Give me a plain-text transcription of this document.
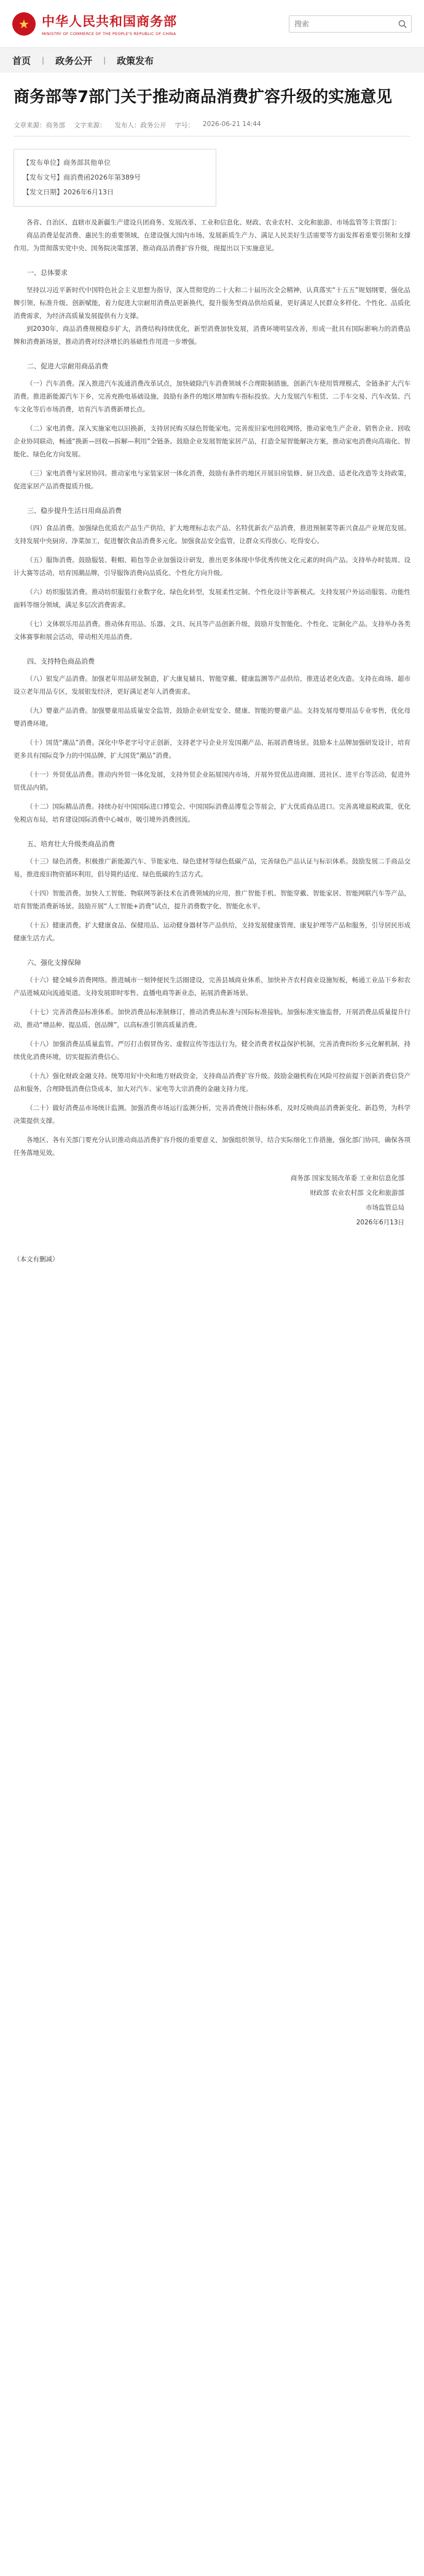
★ 中华人民共和国商务部
MINISTRY OF COMMERCE OF THE PEOPLE'S REPUBLIC OF CHINA
搜索
首页 | 政务公开 | 政策发布
商务部等7部门关于推动商品消费扩容升级的实施意见
文章来源：商务部 文字来源： 发布人：政务公开 字号： 2026-06-21 14:44
【发布单位】商务部其他单位
【发布文号】商消费函2026年第389号
【发文日期】2026年6月13日

各省、自治区、直辖市及新疆生产建设兵团商务、发展改革、工业和信息化、财政、农业农村、文化和旅游、市场监管等主管部门：

商品消费是促消费、惠民生的重要领域，在建设强大国内市场、发展新质生产力、满足人民美好生活需要等方面发挥着重要引领和支撑作用。为贯彻落实党中央、国务院决策部署，推动商品消费扩容升级，现提出以下实施意见。

一、总体要求

坚持以习近平新时代中国特色社会主义思想为指导，深入贯彻党的二十大和二十届历次全会精神，认真落实“十五五”规划纲要，强化品牌引领、标准升级、创新赋能，着力促进大宗耐用消费品更新换代，提升服务型商品供给质量，更好满足人民群众多样化、个性化、品质化消费需求，为经济高质量发展提供有力支撑。

到2030年，商品消费规模稳步扩大，消费结构持续优化，新型消费加快发展，消费环境明显改善，形成一批具有国际影响力的消费品牌和消费新场景，推动消费对经济增长的基础性作用进一步增强。

二、促进大宗耐用商品消费

（一）汽车消费。深入推进汽车流通消费改革试点，加快破除汽车消费领域不合理限制措施，创新汽车使用管理模式，全链条扩大汽车消费。推进新能源汽车下乡，完善充换电基础设施，鼓励有条件的地区增加购车指标投放。大力发展汽车租赁、二手车交易、汽车改装、汽车文化等后市场消费，培育汽车消费新增长点。

（二）家电消费。深入实施家电以旧换新，支持居民购买绿色智能家电。完善废旧家电回收网络，推动家电生产企业、销售企业、回收企业协同联动，畅通“换新—回收—拆解—利用”全链条。鼓励企业发展智能家居产品，打造全屋智能解决方案，推动家电消费向高端化、智能化、绿色化方向发展。

（三）家电消费与家居协同。推动家电与家装家居一体化消费，鼓励有条件的地区开展旧房装修、厨卫改造、适老化改造等支持政策，促进家居产品消费提质升级。

三、稳步提升生活日用商品消费

（四）食品消费。加强绿色优质农产品生产供给，扩大地理标志农产品、名特优新农产品消费，推进预制菜等新兴食品产业规范发展。支持发展中央厨房、净菜加工，促进餐饮食品消费多元化。加强食品安全监管，让群众买得放心、吃得安心。

（五）服饰消费。鼓励服装、鞋帽、箱包等企业加强设计研发，推出更多体现中华优秀传统文化元素的时尚产品。支持举办时装周、设计大赛等活动，培育国潮品牌，引导服饰消费向品质化、个性化方向升级。

（六）纺织服装消费。推动纺织服装行业数字化、绿色化转型，发展柔性定制、个性化设计等新模式。支持发展户外运动服装、功能性面料等细分领域，满足多层次消费需求。

（七）文体娱乐用品消费。推动体育用品、乐器、文具、玩具等产品创新升级，鼓励开发智能化、个性化、定制化产品。支持举办各类文体赛事和展会活动，带动相关用品消费。

四、支持特色商品消费

（八）银发产品消费。加强老年用品研发制造，扩大康复辅具、智能穿戴、健康监测等产品供给，推进适老化改造。支持在商场、超市设立老年用品专区，发展银发经济，更好满足老年人消费需求。

（九）婴童产品消费。加强婴童用品质量安全监管，鼓励企业研发安全、健康、智能的婴童产品。支持发展母婴用品专业零售，优化母婴消费环境。

（十）国货“潮品”消费。深化中华老字号守正创新，支持老字号企业开发国潮产品、拓展消费场景。鼓励本土品牌加强研发设计，培育更多具有国际竞争力的中国品牌，扩大国货“潮品”消费。

（十一）外贸优品消费。推动内外贸一体化发展，支持外贸企业拓展国内市场，开展外贸优品进商圈、进社区、进平台等活动，促进外贸优品内销。

（十二）国际精品消费。持续办好中国国际进口博览会、中国国际消费品博览会等展会，扩大优质商品进口。完善离境退税政策，优化免税店布局，培育建设国际消费中心城市，吸引境外消费回流。

五、培育壮大升级类商品消费

（十三）绿色消费。积极推广新能源汽车、节能家电、绿色建材等绿色低碳产品，完善绿色产品认证与标识体系。鼓励发展二手商品交易，推进废旧物资循环利用，倡导简约适度、绿色低碳的生活方式。

（十四）智能消费。加快人工智能、物联网等新技术在消费领域的应用，推广智能手机、智能穿戴、智能家居、智能网联汽车等产品，培育智能消费新场景。鼓励开展“人工智能+消费”试点，提升消费数字化、智能化水平。

（十五）健康消费。扩大健康食品、保健用品、运动健身器材等产品供给，支持发展健康管理、康复护理等产品和服务，引导居民形成健康生活方式。

六、强化支撑保障

（十六）健全城乡消费网络。推进城市一刻钟便民生活圈建设，完善县域商业体系，加快补齐农村商业设施短板，畅通工业品下乡和农产品进城双向流通渠道。支持发展即时零售、直播电商等新业态，拓展消费新场景。

（十七）完善消费品标准体系。加快消费品标准制修订，推动消费品标准与国际标准接轨。加强标准实施监督，开展消费品质量提升行动，推动“增品种、提品质、创品牌”，以高标准引领高质量消费。

（十八）加强消费品质量监管。严厉打击假冒伪劣、虚假宣传等违法行为，健全消费者权益保护机制，完善消费纠纷多元化解机制，持续优化消费环境，切实提振消费信心。

（十九）强化财政金融支持。统筹用好中央和地方财政资金，支持商品消费扩容升级。鼓励金融机构在风险可控前提下创新消费信贷产品和服务，合理降低消费信贷成本，加大对汽车、家电等大宗消费的金融支持力度。

（二十）做好消费品市场统计监测。加强消费市场运行监测分析，完善消费统计指标体系，及时反映商品消费新变化、新趋势，为科学决策提供支撑。

各地区、各有关部门要充分认识推动商品消费扩容升级的重要意义，加强组织领导，结合实际细化工作措施，强化部门协同，确保各项任务落地见效。

商务部 国家发展改革委 工业和信息化部
财政部 农业农村部 文化和旅游部
市场监管总局
2026年6月13日
（本文有删减）
